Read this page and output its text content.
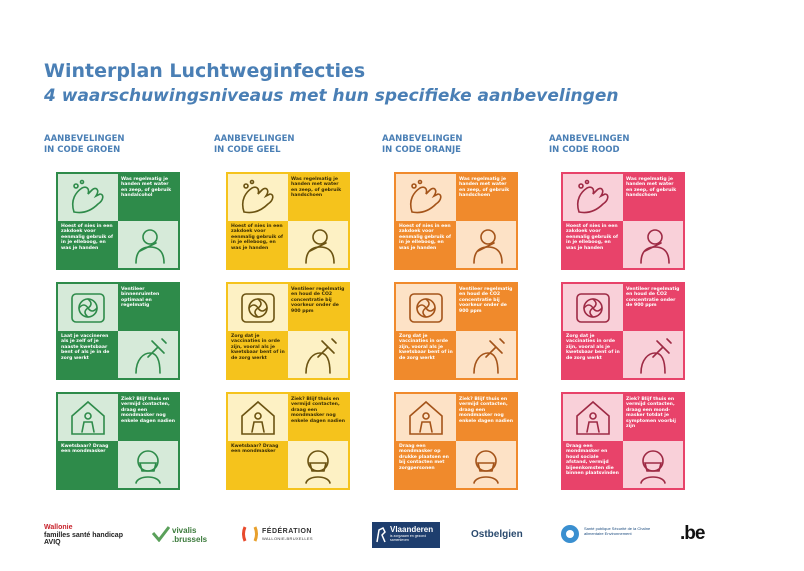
Winterplan Luchtweginfecties
4 waarschuwingsniveaus met hun specifieke aanbevelingen
AANBEVELINGEN
IN CODE GROEN
Was regelmatig je handen met water en zeep, of gebruik handalcohol
Hoest of nies in een zakdoek voor eenmalig gebruik of in je elleboog, en was je handen
Ventileer binnenruimten optimaal en regelmatig
Laat je vaccineren als je zelf of je naaste kwetsbaar bent of als je in de zorg werkt
Ziek? Blijf thuis en vermijd contacten, draag een mondmasker nog enkele dagen nadien
Kwetsbaar? Draag een mondmasker
AANBEVELINGEN
IN CODE GEEL
Was regelmatig je handen met water en zeep, of gebruik handschoen
Hoest of nies in een zakdoek voor eenmalig gebruik of in je elleboog, en was je handen
Ventileer regelmatig en houd de CO2 concentratie bij voorkeur onder de 900 ppm
Zorg dat je vaccinaties in orde zijn, vooral als je kwetsbaar bent of in de zorg werkt
Ziek? Blijf thuis en vermijd contacten, draag een mondmasker nog enkele dagen nadien
Kwetsbaar? Draag een mondmasker
AANBEVELINGEN
IN CODE ORANJE
Was regelmatig je handen met water en zeep, of gebruik handschoen
Hoest of nies in een zakdoek voor eenmalig gebruik of in je elleboog, en was je handen
Ventileer regelmatig en houd de CO2 concentratie bij voorkeur onder de 900 ppm
Zorg dat je vaccinaties in orde zijn, vooral als je kwetsbaar bent of in de zorg werkt
Ziek? Blijf thuis en vermijd contacten, draag een mondmasker nog enkele dagen nadien
Draag een mondmasker op drukke plaatsen en bij contacten met zorgpersonen
AANBEVELINGEN
IN CODE ROOD
Was regelmatig je handen met water en zeep, of gebruik handschoen
Hoest of nies in een zakdoek voor eenmalig gebruik of in je elleboog, en was je handen
Ventileer regelmatig en houd de CO2 concentratie onder de 900 ppm
Zorg dat je vaccinaties in orde zijn, vooral als je kwetsbaar bent of in de zorg werkt
Ziek? Blijf thuis en vermijd contacten, draag een mond-masker totdat je symptomen voorbij zijn
Draag een mondmasker en houd sociale afstand, vermijd bijeenkomsten die binnen plaatsvinden
Wallonie
familles santé handicap
AVIQ
vivalis
.brussels
FÉDÉRATION
WALLONIE-BRUXELLES
Vlaanderen
is zorgzaam en gezond samenleven	Ostbelgien
Santé publique Sécurité de la Chaîne alimentaire Environnement	.be
